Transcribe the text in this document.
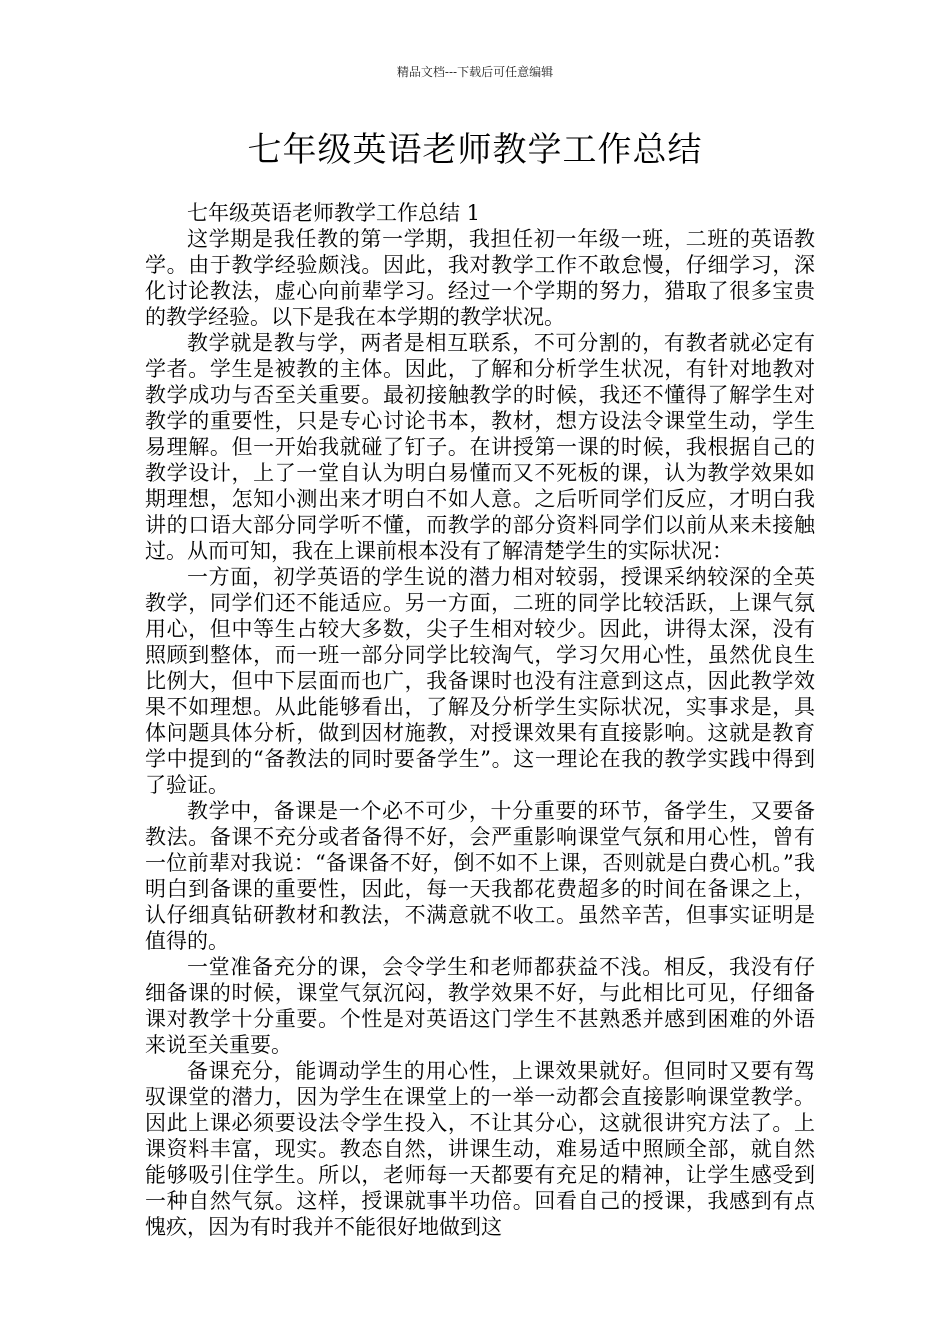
精品文档---下载后可任意编辑
七年级英语老师教学工作总结

七年级英语老师教学工作总结 1

这学期是我任教的第一学期，我担任初一年级一班，二班的英语教学。由于教学经验颇浅。因此，我对教学工作不敢怠慢，仔细学习，深化讨论教法，虚心向前辈学习。经过一个学期的努力，猎取了很多宝贵的教学经验。以下是我在本学期的教学状况。

教学就是教与学，两者是相互联系，不可分割的，有教者就必定有学者。学生是被教的主体。因此，了解和分析学生状况，有针对地教对教学成功与否至关重要。最初接触教学的时候，我还不懂得了解学生对教学的重要性，只是专心讨论书本，教材，想方设法令课堂生动，学生易理解。但一开始我就碰了钉子。在讲授第一课的时候，我根据自己的教学设计，上了一堂自认为明白易懂而又不死板的课，认为教学效果如期理想，怎知小测出来才明白不如人意。之后听同学们反应，才明白我讲的口语大部分同学听不懂，而教学的部分资料同学们以前从来未接触过。从而可知，我在上课前根本没有了解清楚学生的实际状况：

一方面，初学英语的学生说的潜力相对较弱，授课采纳较深的全英教学，同学们还不能适应。另一方面，二班的同学比较活跃，上课气氛用心，但中等生占较大多数，尖子生相对较少。因此，讲得太深，没有照顾到整体，而一班一部分同学比较淘气，学习欠用心性，虽然优良生比例大，但中下层面而也广，我备课时也没有注意到这点，因此教学效果不如理想。从此能够看出，了解及分析学生实际状况，实事求是，具体问题具体分析，做到因材施教，对授课效果有直接影响。这就是教育学中提到的“备教法的同时要备学生”。这一理论在我的教学实践中得到了验证。

教学中，备课是一个必不可少，十分重要的环节，备学生，又要备教法。备课不充分或者备得不好，会严重影响课堂气氛和用心性，曾有一位前辈对我说：“备课备不好，倒不如不上课，否则就是白费心机。”我明白到备课的重要性，因此，每一天我都花费超多的时间在备课之上，认仔细真钻研教材和教法，不满意就不收工。虽然辛苦，但事实证明是值得的。

一堂准备充分的课，会令学生和老师都获益不浅。相反，我没有仔细备课的时候，课堂气氛沉闷，教学效果不好，与此相比可见，仔细备课对教学十分重要。个性是对英语这门学生不甚熟悉并感到困难的外语来说至关重要。

备课充分，能调动学生的用心性，上课效果就好。但同时又要有驾驭课堂的潜力，因为学生在课堂上的一举一动都会直接影响课堂教学。因此上课必须要设法令学生投入，不让其分心，这就很讲究方法了。上课资料丰富，现实。教态自然，讲课生动，难易适中照顾全部，就自然能够吸引住学生。所以，老师每一天都要有充足的精神，让学生感受到一种自然气氛。这样，授课就事半功倍。回看自己的授课，我感到有点愧疚，因为有时我并不能很好地做到这
